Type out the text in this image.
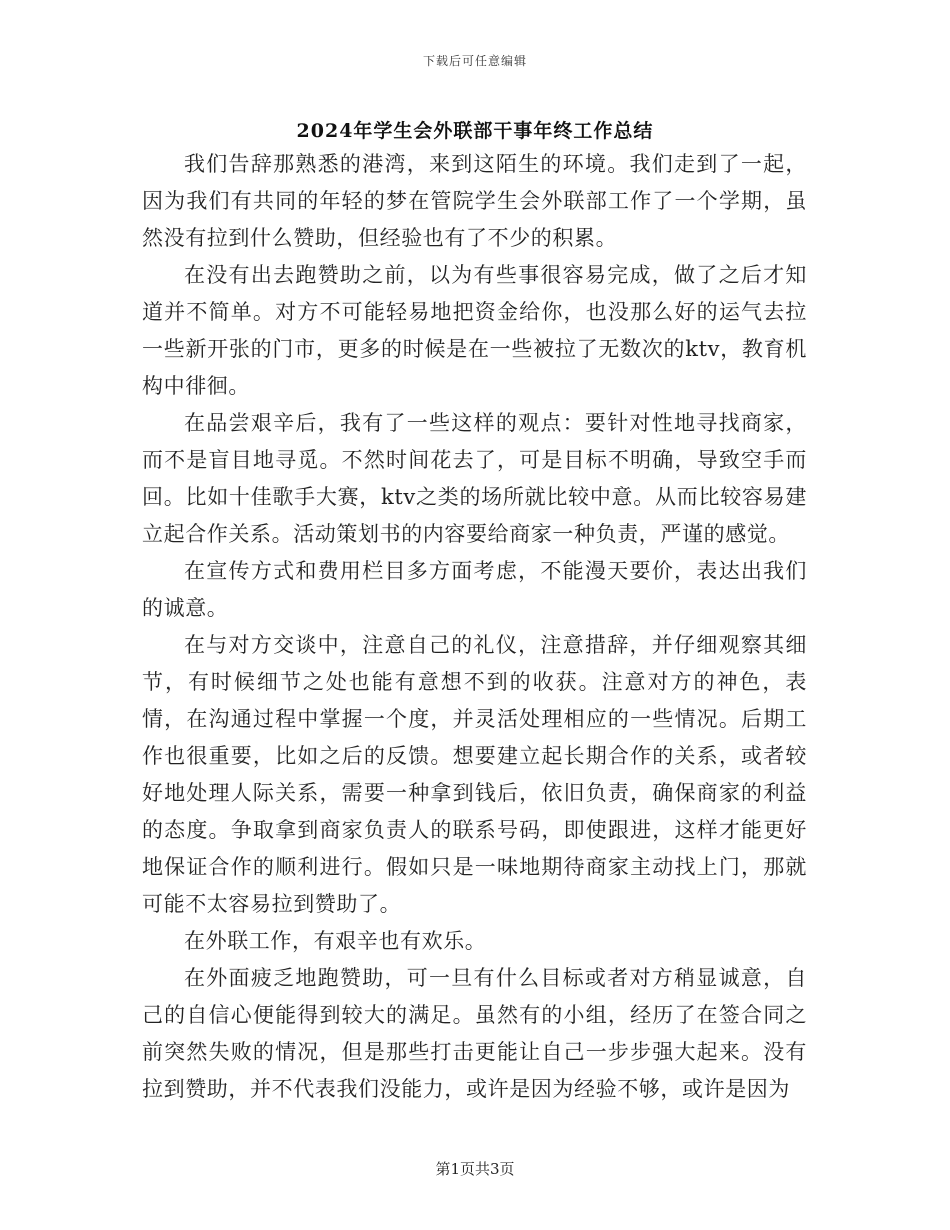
下载后可任意编辑
2024年学生会外联部干事年终工作总结

我们告辞那熟悉的港湾，来到这陌生的环境。我们走到了一起，因为我们有共同的年轻的梦在管院学生会外联部工作了一个学期，虽然没有拉到什么赞助，但经验也有了不少的积累。

在没有出去跑赞助之前，以为有些事很容易完成，做了之后才知道并不简单。对方不可能轻易地把资金给你，也没那么好的运气去拉一些新开张的门市，更多的时候是在一些被拉了无数次的ktv，教育机构中徘徊。

在品尝艰辛后，我有了一些这样的观点：要针对性地寻找商家，而不是盲目地寻觅。不然时间花去了，可是目标不明确，导致空手而回。比如十佳歌手大赛，ktv之类的场所就比较中意。从而比较容易建立起合作关系。活动策划书的内容要给商家一种负责，严谨的感觉。

在宣传方式和费用栏目多方面考虑，不能漫天要价，表达出我们的诚意。

在与对方交谈中，注意自己的礼仪，注意措辞，并仔细观察其细节，有时候细节之处也能有意想不到的收获。注意对方的神色，表情，在沟通过程中掌握一个度，并灵活处理相应的一些情况。后期工作也很重要，比如之后的反馈。想要建立起长期合作的关系，或者较好地处理人际关系，需要一种拿到钱后，依旧负责，确保商家的利益的态度。争取拿到商家负责人的联系号码，即使跟进，这样才能更好地保证合作的顺利进行。假如只是一味地期待商家主动找上门，那就可能不太容易拉到赞助了。

在外联工作，有艰辛也有欢乐。

在外面疲乏地跑赞助，可一旦有什么目标或者对方稍显诚意，自己的自信心便能得到较大的满足。虽然有的小组，经历了在签合同之前突然失败的情况，但是那些打击更能让自己一步步强大起来。没有拉到赞助，并不代表我们没能力，或许是因为经验不够，或许是因为

第1页共3页
